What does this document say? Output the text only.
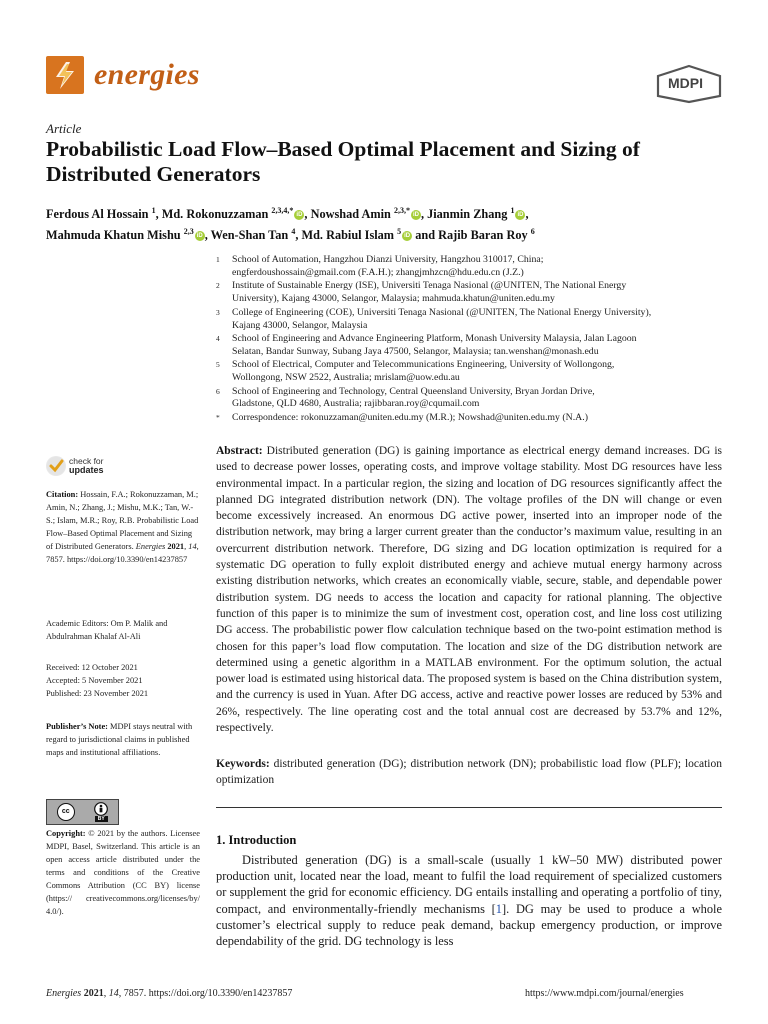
energies	MDPI
Article
Probabilistic Load Flow–Based Optimal Placement and Sizing of Distributed Generators
Ferdous Al Hossain $^1$, Md. Rokonuzzaman $^{2,3,4,*}$iD , Nowshad Amin $^{2,3,*}$iD , Jianmin Zhang $^1$iD ,
Mahmuda Khatun Mishu $^{2,3}$iD , Wen-Shan Tan $^4$, Md. Rabiul Islam $^5$iD and Rajib Baran Roy $^6$
1	School of Automation, Hangzhou Dianzi University, Hangzhou 310017, China;
engferdoushossain@gmail.com (F.A.H.); zhangjmhzcn@hdu.edu.cn (J.Z.)
2	Institute of Sustainable Energy (ISE), Universiti Tenaga Nasional (@UNITEN, The National Energy
University), Kajang 43000, Selangor, Malaysia; mahmuda.khatun@uniten.edu.my
3	College of Engineering (COE), Universiti Tenaga Nasional (@UNITEN, The National Energy University),
Kajang 43000, Selangor, Malaysia
4	School of Engineering and Advance Engineering Platform, Monash University Malaysia, Jalan Lagoon
Selatan, Bandar Sunway, Subang Jaya 47500, Selangor, Malaysia; tan.wenshan@monash.edu
5	School of Electrical, Computer and Telecommunications Engineering, University of Wollongong,
Wollongong, NSW 2522, Australia; mrislam@uow.edu.au
6	School of Engineering and Technology, Central Queensland University, Bryan Jordan Drive,
Gladstone, QLD 4680, Australia; rajibbaran.roy@cqumail.com
*	Correspondence: rokonuzzaman@uniten.edu.my (M.R.); Nowshad@uniten.edu.my (N.A.)
check for
updates
Citation: Hossain, F.A.; Rokonuzzaman, M.; Amin, N.; Zhang, J.; Mishu, M.K.; Tan, W.-S.; Islam, M.R.; Roy, R.B. Probabilistic Load Flow–Based Optimal Placement and Sizing of Distributed Generators. Energies 2021, 14, 7857. https://doi.org/10.3390/en14237857
Academic Editors: Om P. Malik and Abdulrahman Khalaf Al-Ali
Received: 12 October 2021
Accepted: 5 November 2021
Published: 23 November 2021
Publisher’s Note: MDPI stays neutral with regard to jurisdictional claims in published maps and institutional affiliations.
cc
BY
Copyright: © 2021 by the authors. Licensee MDPI, Basel, Switzerland. This article is an open access article distributed under the terms and conditions of the Creative Commons Attribution (CC BY) license (https:// creativecommons.org/licenses/by/ 4.0/).
Abstract: Distributed generation (DG) is gaining importance as electrical energy demand increases. DG is used to decrease power losses, operating costs, and improve voltage stability. Most DG resources have less environmental impact. In a particular region, the sizing and location of DG resources significantly affect the planned DG integrated distribution network (DN). The voltage profiles of the DN will change or even become excessively increased. An enormous DG active power, inserted into an improper node of the distribution network, may bring a larger current greater than the conductor’s maximum value, resulting in an overcurrent distribution network. Therefore, DG sizing and DG location optimization is required for a systematic DG operation to fully exploit distributed energy and achieve mutual energy harmony across existing distribution networks, which creates an economically viable, secure, stable, and dependable power distribution system. DG needs to access the location and capacity for rational planning. The objective function of this paper is to minimize the sum of investment cost, operation cost, and line loss cost utilizing DG access. The probabilistic power flow calculation technique based on the two-point estimation method is chosen for this paper’s load flow computation. The location and size of the DG distribution network are determined using a genetic algorithm in a MATLAB environment. For the optimum solution, the actual power load is estimated using historical data. The proposed system is based on the China distribution system, and the currency is used in Yuan. After DG access, active and reactive power losses are reduced by 53% and 26%, respectively. The line operating cost and the total annual cost are decreased by 53.7% and 12%, respectively.
Keywords: distributed generation (DG); distribution network (DN); probabilistic load flow (PLF); location optimization
1. Introduction
Distributed generation (DG) is a small-scale (usually 1 kW–50 MW) distributed power production unit, located near the load, meant to fulfil the load requirement of specialized customers or supplement the grid for economic efficiency. DG entails installing and operating a portfolio of tiny, compact, and environmentally-friendly mechanisms [1]. DG may be used to produce a whole customer’s electrical supply to reduce peak demand, backup emergency production, or improve dependability of the grid. DG technology is less
Energies 2021, 14, 7857. https://doi.org/10.3390/en14237857	https://www.mdpi.com/journal/energies
